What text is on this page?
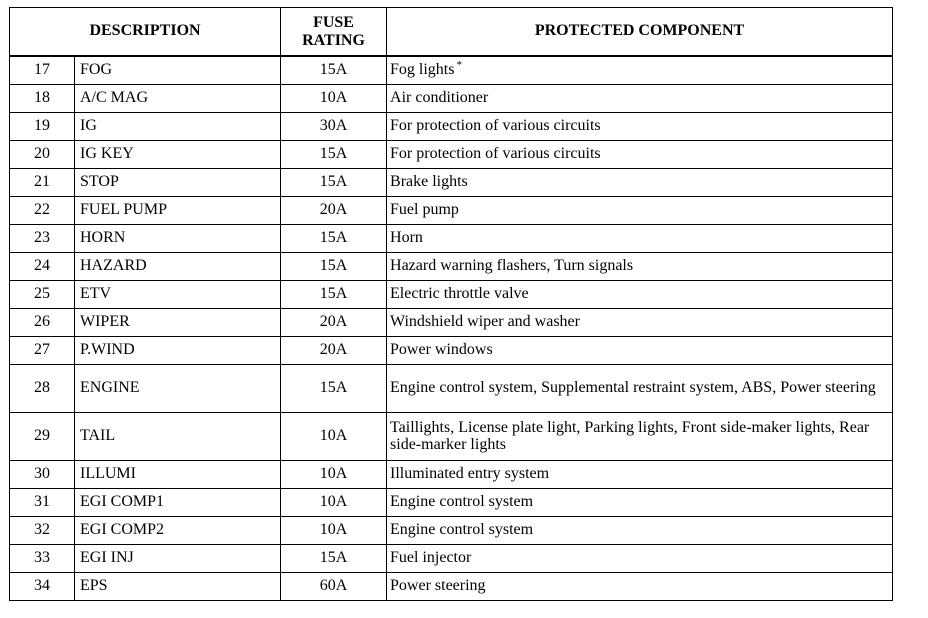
DESCRIPTION		FUSE RATING	PROTECTED COMPONENT
17	FOG	15A	Fog lights *
18	A/C MAG	10A	Air conditioner
19	IG	30A	For protection of various circuits
20	IG KEY	15A	For protection of various circuits
21	STOP	15A	Brake lights
22	FUEL PUMP	20A	Fuel pump
23	HORN	15A	Horn
24	HAZARD	15A	Hazard warning flashers, Turn signals
25	ETV	15A	Electric throttle valve
26	WIPER	20A	Windshield wiper and washer
27	P.WIND	20A	Power windows
28	ENGINE	15A	Engine control system, Supplemental restraint system, ABS, Power steering
29	TAIL	10A	Taillights, License plate light, Parking lights, Front side-maker lights, Rear side-marker lights
30	ILLUMI	10A	Illuminated entry system
31	EGI COMP1	10A	Engine control system
32	EGI COMP2	10A	Engine control system
33	EGI INJ	15A	Fuel injector
34	EPS	60A	Power steering
